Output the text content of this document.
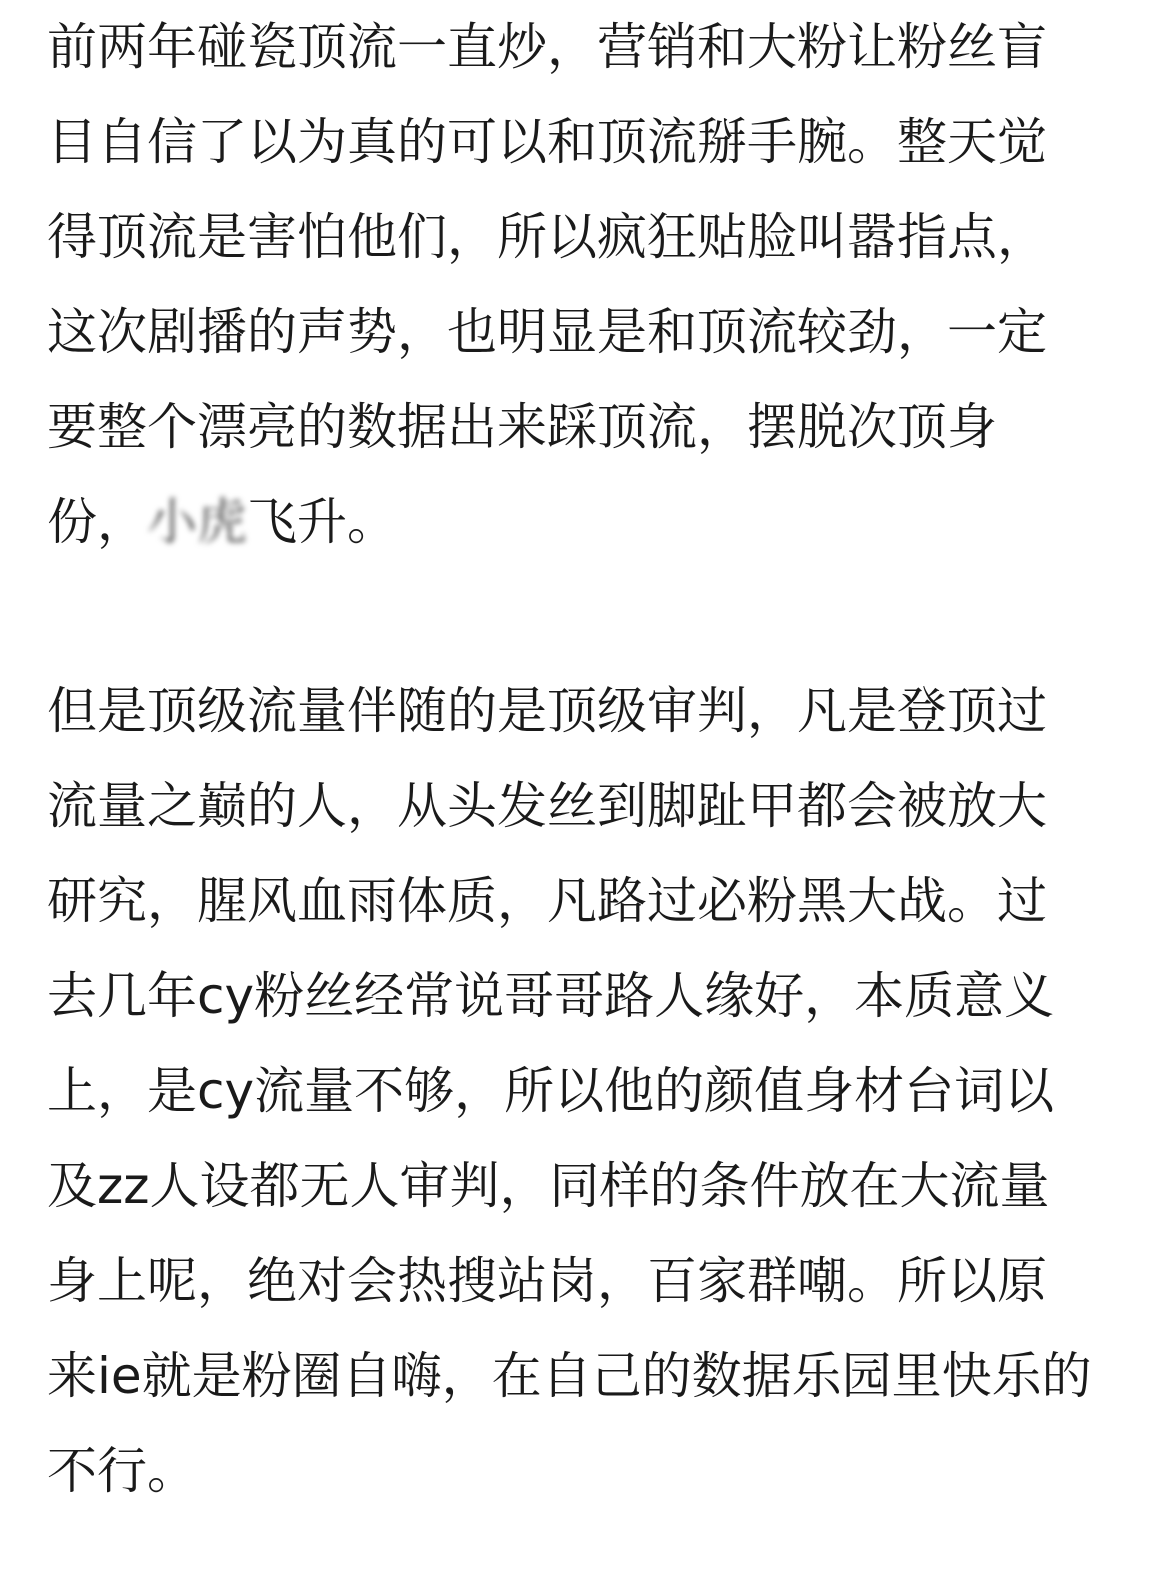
前两年碰瓷顶流一直炒，营销和大粉让粉丝盲
目自信了以为真的可以和顶流掰手腕。整天觉
得顶流是害怕他们，所以疯狂贴脸叫嚣指点，
这次剧播的声势，也明显是和顶流较劲，一定
要整个漂亮的数据出来踩顶流，摆脱次顶身
份，小虎飞升。
但是顶级流量伴随的是顶级审判，凡是登顶过
流量之巅的人，从头发丝到脚趾甲都会被放大
研究，腥风血雨体质，凡路过必粉黑大战。过
去几年cy粉丝经常说哥哥路人缘好，本质意义
上，是cy流量不够，所以他的颜值身材台词以
及zz人设都无人审判，同样的条件放在大流量
身上呢，绝对会热搜站岗，百家群嘲。所以原
来ie就是粉圈自嗨，在自己的数据乐园里快乐的
不行。
